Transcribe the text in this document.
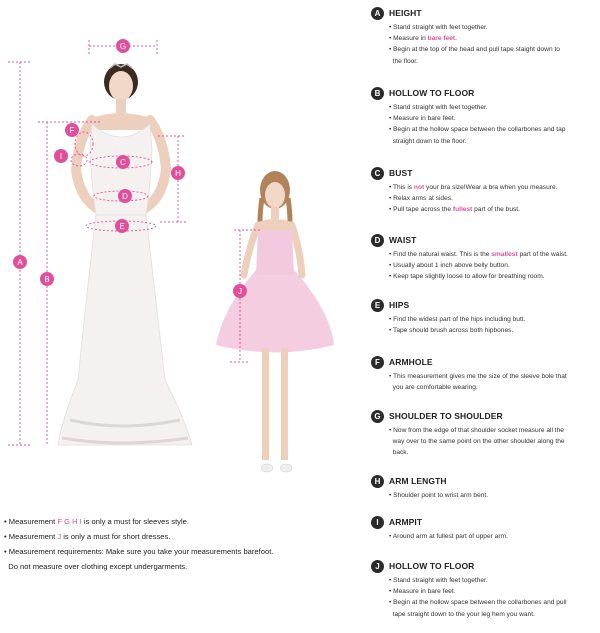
A
B
C
D
E
F
G
H
I
J
A	HEIGHT
• Stand straight with feet together.
• Measure in bare feet.
• Begin at the top of the head and pull tape staight down to
the floor.
B	HOLLOW TO FLOOR
• Stand straight with feet together.
• Measure in bare feet.
• Begin at the hollow space between the collarbones and tap
straight down to the floor.
C	BUST
• This is not your bra size!Wear a bra when you measure.
• Relax arms at sides.
• Pull tape across the fullest part of the bust.
D	WAIST
• Find the natural waist. This is the smallest part of the waist.
• Usually about 1 inch above belly button.
• Keep tape slightly loose to allow for breathing room.
E	HIPS
• Find the widest part of the hips including butt.
• Tape should brush across both hipbones.
F	ARMHOLE
• This measurement gives me the size of the sleeve bole that
you are comfortable wearing.
G SHOULDER TO SHOULDER
• Now from the edge of that shoulder socket measure all the
way over to the same point on the other shoulder along the
back.
H	ARM LENGTH
• Shoulder point to wrist arm bent.
I	ARMPIT
• Around arm at fullest part of upper arm.
J	HOLLOW TO FLOOR
• Stand straight with feet together.
• Measure in bare feet.
• Begin at the hollow space between the collarbones and pull
tape straight down to the your leg hem you want.
• Measurement F G H I is only a must for sleeves style.
• Measurement J is only a must for short dresses.
• Measurement requirements: Make sure you take your measurements barefoot.
Do not measure over clothing except undergarments.
